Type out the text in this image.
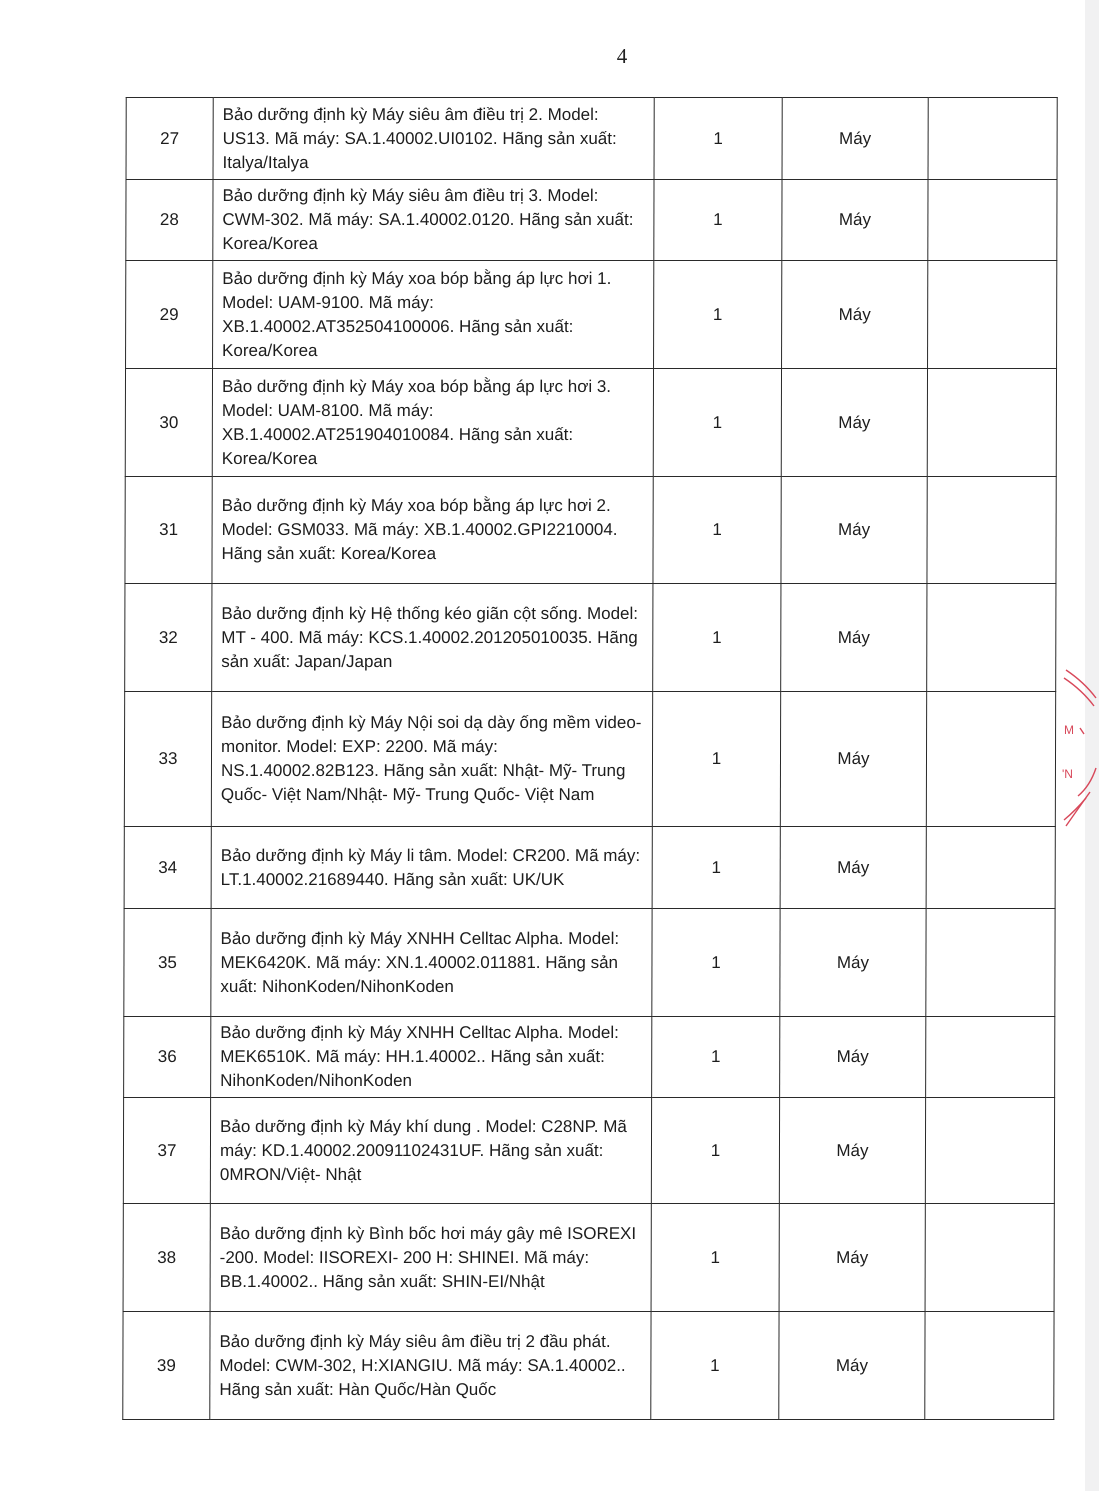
4
27	Bảo dưỡng định kỳ Máy siêu âm điều trị 2. Model: US13. Mã máy: SA.1.40002.UI0102. Hãng sản xuất: Italya/Italya	1	Máy	
28	Bảo dưỡng định kỳ Máy siêu âm điều trị 3. Model: CWM-302. Mã máy: SA.1.40002.0120. Hãng sản xuất: Korea/Korea	1	Máy	
29	Bảo dưỡng định kỳ Máy xoa bóp bằng áp lực hơi 1. Model: UAM-9100. Mã máy: XB.1.40002.AT352504100006. Hãng sản xuất: Korea/Korea	1	Máy	
30	Bảo dưỡng định kỳ Máy xoa bóp bằng áp lực hơi 3. Model: UAM-8100. Mã máy: XB.1.40002.AT251904010084. Hãng sản xuất: Korea/Korea	1	Máy	
31	Bảo dưỡng định kỳ Máy xoa bóp bằng áp lực hơi 2. Model: GSM033. Mã máy: XB.1.40002.GPI2210004. Hãng sản xuất: Korea/Korea	1	Máy	
32	Bảo dưỡng định kỳ Hệ thống kéo giãn cột sống. Model: MT - 400. Mã máy: KCS.1.40002.201205010035. Hãng sản xuất: Japan/Japan	1	Máy	
33	Bảo dưỡng định kỳ Máy Nội soi dạ dày ống mềm video- monitor. Model: EXP: 2200. Mã máy: NS.1.40002.82B123. Hãng sản xuất: Nhật- Mỹ- Trung Quốc- Việt Nam/Nhật- Mỹ- Trung Quốc- Việt Nam	1	Máy	
34	Bảo dưỡng định kỳ Máy li tâm. Model: CR200. Mã máy: LT.1.40002.21689440. Hãng sản xuất: UK/UK	1	Máy	
35	Bảo dưỡng định kỳ Máy XNHH Celltac Alpha. Model: MEK6420K. Mã máy: XN.1.40002.011881. Hãng sản xuất: NihonKoden/NihonKoden	1	Máy	
36	Bảo dưỡng định kỳ Máy XNHH Celltac Alpha. Model: MEK6510K. Mã máy: HH.1.40002.. Hãng sản xuất: NihonKoden/NihonKoden	1	Máy	
37	Bảo dưỡng định kỳ Máy khí dung . Model: C28NP. Mã máy: KD.1.40002.20091102431UF. Hãng sản xuất: 0MRON/Việt- Nhật	1	Máy	
38	Bảo dưỡng định kỳ Bình bốc hơi máy gây mê ISOREXI -200. Model: IISOREXI- 200 H: SHINEI. Mã máy: BB.1.40002.. Hãng sản xuất: SHIN-EI/Nhật	1	Máy	
39	Bảo dưỡng định kỳ Máy siêu âm điều trị 2 đầu phát. Model: CWM-302, H:XIANGIU. Mã máy: SA.1.40002.. Hãng sản xuất: Hàn Quốc/Hàn Quốc	1	Máy	
M
'N
